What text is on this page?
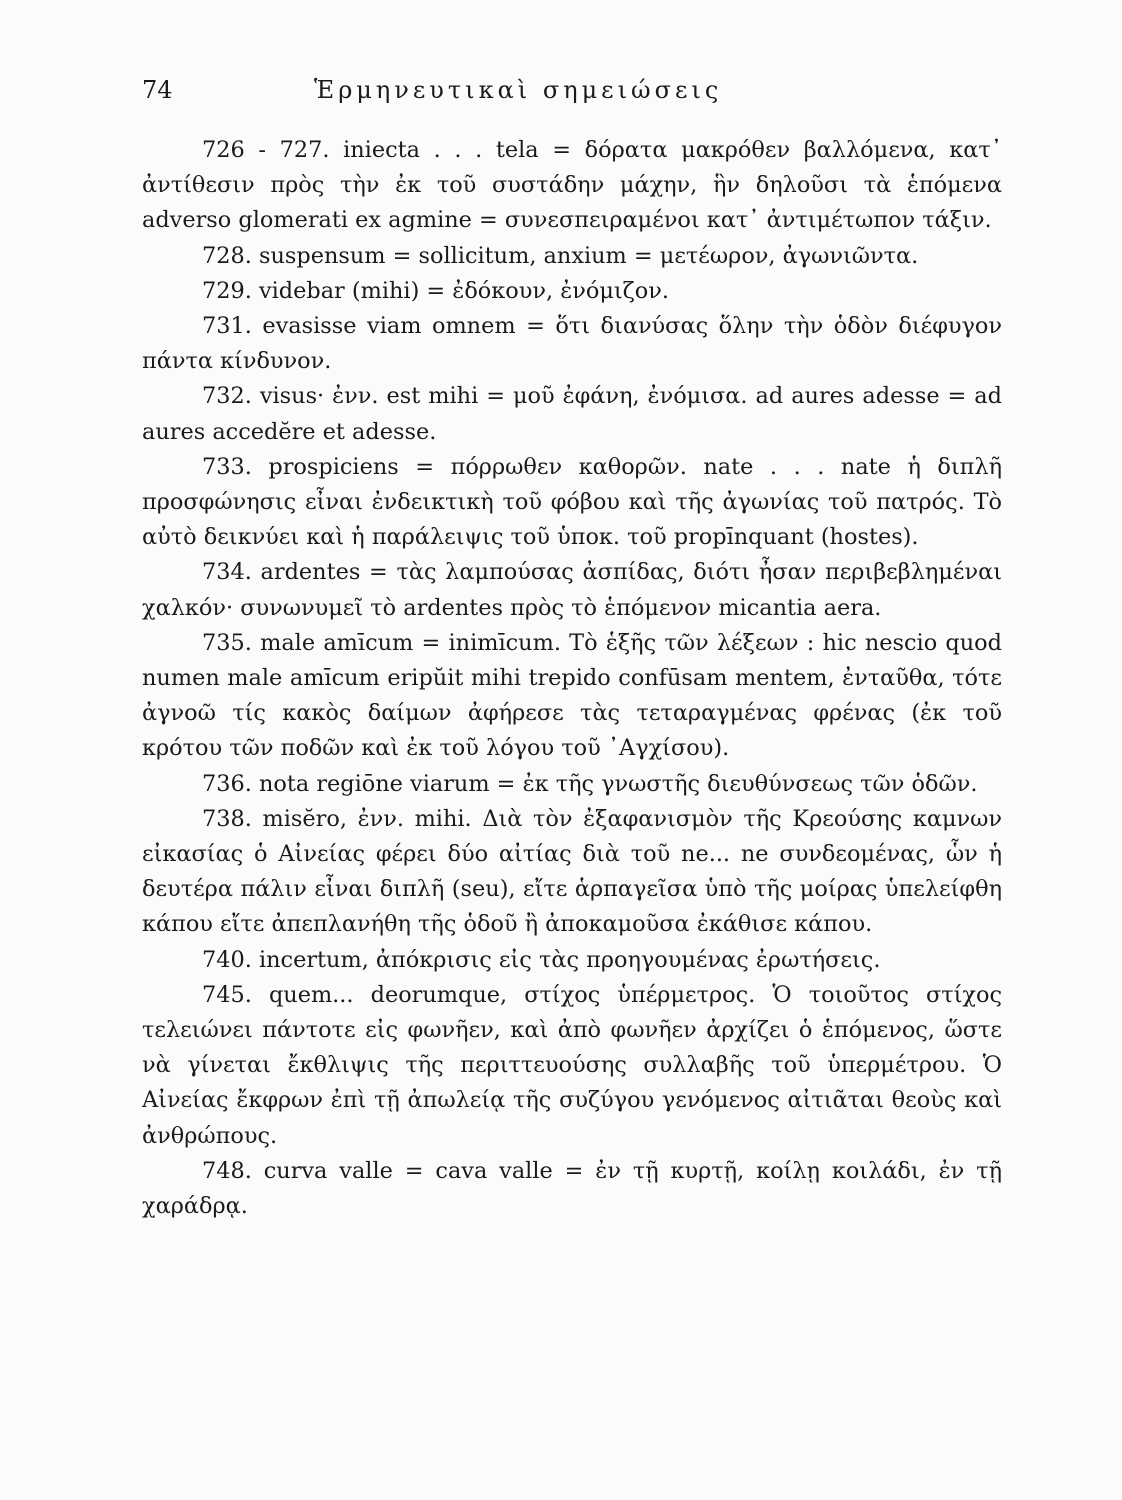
74	Ἑρμηνευτικαὶ σημειώσεις

726 - 727. iniecta . . . tela = δόρατα μακρόθεν βαλλόμενα, κατ᾽ ἀντίθεσιν πρὸς τὴν ἐκ τοῦ συστάδην μάχην, ἣν δηλοῦσι τὰ ἑπόμενα adverso glomerati ex agmine = συνεσπειραμένοι κατ᾽ ἀντιμέτωπον τάξιν.

728. suspensum = sollicitum, anxium = μετέωρον, ἀγωνιῶντα.

729. videbar (mihi) = ἐδόκουν, ἐνόμιζον.

731. evasisse viam omnem = ὅτι διανύσας ὅλην τὴν ὁδὸν διέφυγον πάντα κίνδυνον.

732. visus· ἐνν. est mihi = μοῦ ἐφάνη, ἐνόμισα. ad aures adesse = ad aures accedĕre et adesse.

733. prospiciens = πόρρωθεν καθορῶν. nate . . . nate ἡ διπλῆ προσφώνησις εἶναι ἐνδεικτικὴ τοῦ φόβου καὶ τῆς ἀγωνίας τοῦ πατρός. Τὸ αὐτὸ δεικνύει καὶ ἡ παράλειψις τοῦ ὑποκ. τοῦ propīnquant (hostes).

734. ardentes = τὰς λαμπούσας ἀσπίδας, διότι ἦσαν περιβεβλημέναι χαλκόν· συνωνυμεῖ τὸ ardentes πρὸς τὸ ἑπόμενον micantia aera.

735. male amīcum = inimīcum. Τὸ ἑξῆς τῶν λέξεων : hic nescio quod numen male amīcum eripŭit mihi trepido confūsam mentem, ἐνταῦθα, τότε ἀγνοῶ τίς κακὸς δαίμων ἀφήρεσε τὰς τεταραγμένας φρένας (ἐκ τοῦ κρότου τῶν ποδῶν καὶ ἐκ τοῦ λόγου τοῦ ᾽Αγχίσου).

736. nota regiōne viarum = ἐκ τῆς γνωστῆς διευθύνσεως τῶν ὁδῶν.

738. misĕro, ἐνν. mihi. Διὰ τὸν ἐξαφανισμὸν τῆς Κρεούσης καμνων εἰκασίας ὁ Αἰνείας φέρει δύο αἰτίας διὰ τοῦ ne... ne συνδεομένας, ὧν ἡ δευτέρα πάλιν εἶναι διπλῆ (seu), εἴτε ἁρπαγεῖσα ὑπὸ τῆς μοίρας ὑπελείφθη κάπου εἴτε ἀπεπλανήθη τῆς ὁδοῦ ἢ ἀποκαμοῦσα ἐκάθισε κάπου.

740. incertum, ἀπόκρισις εἰς τὰς προηγουμένας ἐρωτήσεις.

745. quem... deorumque, στίχος ὑπέρμετρος. Ὁ τοιοῦτος στίχος τελειώνει πάντοτε εἰς φωνῆεν, καὶ ἀπὸ φωνῆεν ἀρχίζει ὁ ἑπόμενος, ὥστε νὰ γίνεται ἔκθλιψις τῆς περιττευούσης συλλαβῆς τοῦ ὑπερμέτρου. Ὁ Αἰνείας ἔκφρων ἐπὶ τῇ ἀπωλείᾳ τῆς συζύγου γενόμενος αἰτιᾶται θεοὺς καὶ ἀνθρώπους.

748. curva valle = cava valle = ἐν τῇ κυρτῇ, κοίλῃ κοιλάδι, ἐν τῇ χαράδρᾳ.
